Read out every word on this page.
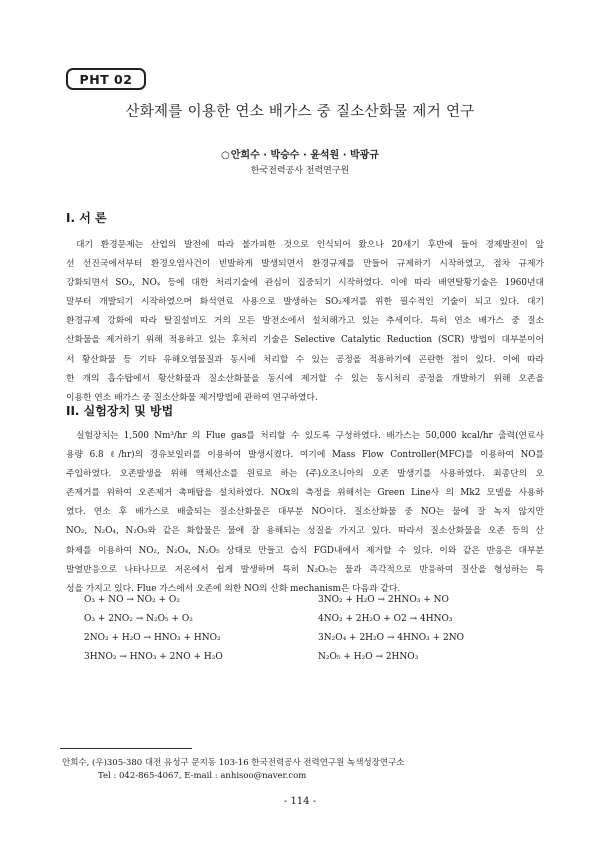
PHT 02
산화제를 이용한 연소 배가스 중 질소산화물 제거 연구
○안희수 · 박승수 · 윤석원 · 박광규
한국전력공사 전력연구원
I. 서 론
대기 환경문제는 산업의 발전에 따라 불가피한 것으로 인식되어 왔으나 20세기 후반에 들어 경제발전이 앞
선 선진국에서부터 환경오염사건이 빈발하게 발생되면서 환경규제를 만들어 규제하기 시작하였고, 점차 규제가
강화되면서 SO₂, NOₓ 등에 대한 처리기술에 관심이 집중되기 시작하였다. 이에 따라 배연탈황기술은 1960년대
말부터 개발되기 시작하였으며 화석연료 사용으로 발생하는 SO₂제거를 위한 필수적인 기술이 되고 있다. 대기
환경규제 강화에 따라 탈질설비도 거의 모든 발전소에서 설치해가고 있는 추세이다. 특히 연소 배가스 중 질소
산화물을 제거하기 위해 적용하고 있는 후처리 기술은 Selective Catalytic Reduction (SCR) 방법이 대부분이어
서 황산화물 등 기타 유해오염물질과 동시에 처리할 수 있는 공정을 적용하기에 곤란한 점이 있다. 이에 따라
한 개의 흡수탑에서 황산화물과 질소산화물을 동시에 제거할 수 있는 동시처리 공정을 개발하기 위해 오존을
이용한 연소 배가스 중 질소산화물 제거방법에 관하여 연구하였다.
II. 실험장치 및 방법
실험장치는 1,500 Nm³/hr 의 Flue gas를 처리할 수 있도록 구성하였다. 배가스는 50,000 kcal/hr 출력(연료사
용량 6.8 ℓ/hr)의 경유보일러를 이용하여 발생시켰다. 여기에 Mass Flow Controller(MFC)를 이용하여 NO를
주입하였다. 오존발생을 위해 액체산소를 원료로 하는 (주)오조니아의 오존 발생기를 사용하였다. 최종단의 오
존제거를 위하여 오존제거 촉매탑을 설치하였다. NOx의 측정을 위해서는 Green Line사 의 Mk2 모델을 사용하
였다. 연소 후 배가스로 배출되는 질소산화물은 대부분 NO이다. 질소산화물 중 NO는 물에 잘 녹지 않지만
NO₂, N₂O₄, N₂O₅와 같은 화합물은 물에 잘 용해되는 성질을 가지고 있다. 따라서 질소산화물을 오존 등의 산
화제를 이용하여 NO₂, N₂O₄, N₂O₅ 상태로 만들고 습식 FGD내에서 제거할 수 있다. 이와 같은 반응은 대부분
발열반응으로 나타나므로 저온에서 쉽게 발생하며 특히 N₂O₅는 물과 즉각적으로 반응하여 질산을 형성하는 특
성을 가지고 있다. Flue 가스에서 오존에 의한 NO의 산화 mechanism은 다음과 같다.
O₃ + NO → NO₂ + O₂
O₃ + 2NO₂ → N₂O₅ + O₂
2NO₂ + H₂O → HNO₃ + HNO₂
3HNO₂ → HNO₃ + 2NO + H₂O
3NO₂ + H₂O → 2HNO₃ + NO
4NO₂ + 2H₂O + O2 → 4HNO₃
3N₂O₄ + 2H₂O → 4HNO₃ + 2NO
N₂O₅ + H₂O → 2HNO₃
안희수, (우)305-380 대전 유성구 문지동 103-16 한국전력공사 전력연구원 녹색성장연구소
Tel : 042-865-4067, E-mail : anhisoo@naver.com
- 114 -
